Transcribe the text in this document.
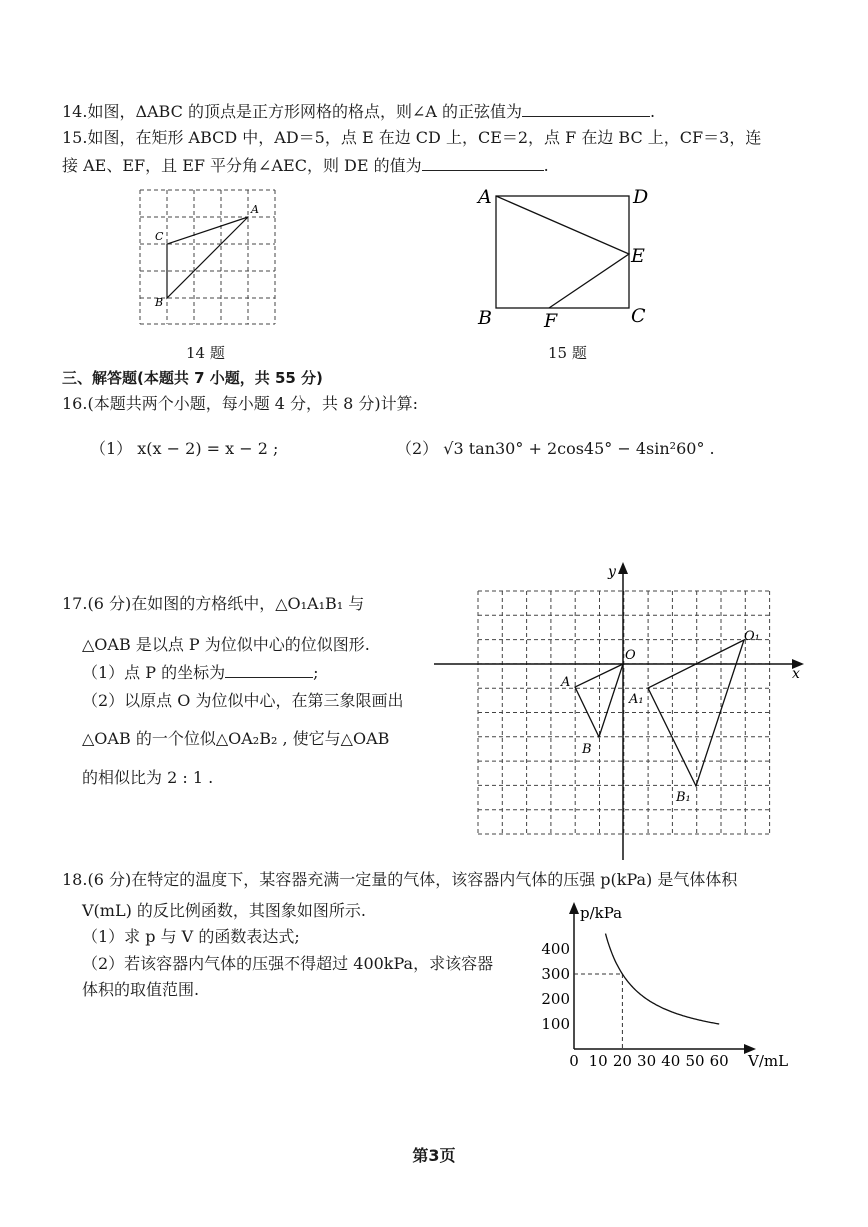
14.如图，ΔABC 的顶点是正方形网格的格点，则∠A 的正弦值为	.
15.如图，在矩形 ABCD 中，AD＝5，点 E 在边 CD 上，CE＝2，点 F 在边 BC 上，CF＝3，连
接 AE、EF，且 EF 平分角∠AEC，则 DE 的值为	.
A
C
B
14 题
A	D
E
B	F	C
15 题
三、解答题(本题共 7 小题，共 55 分)
16.(本题共两个小题，每小题 4 分，共 8 分)计算:
（1） x(x − 2) = x − 2 ;	（2） √3 tan30° + 2cos45° − 4sin²60° .
17.(6 分)在如图的方格纸中，△O₁A₁B₁ 与
△OAB 是以点 P 为位似中心的位似图形.
（1）点 P 的坐标为	;
（2）以原点 O 为位似中心，在第三象限画出
△OAB 的一个位似△OA₂B₂ , 使它与△OAB
的相似比为 2 : 1 .
x
y
O
A
B
O₁
A₁
B₁
18.(6 分)在特定的温度下，某容器充满一定量的气体，该容器内气体的压强 p(kPa) 是气体体积
V(mL) 的反比例函数，其图象如图所示.
（1）求 p 与 V 的函数表达式;
（2）若该容器内气体的压强不得超过 400kPa，求该容器
体积的取值范围.
p/kPa
V/mL
0 10 20 30 40 50 60
100
200
300
400
第3页
